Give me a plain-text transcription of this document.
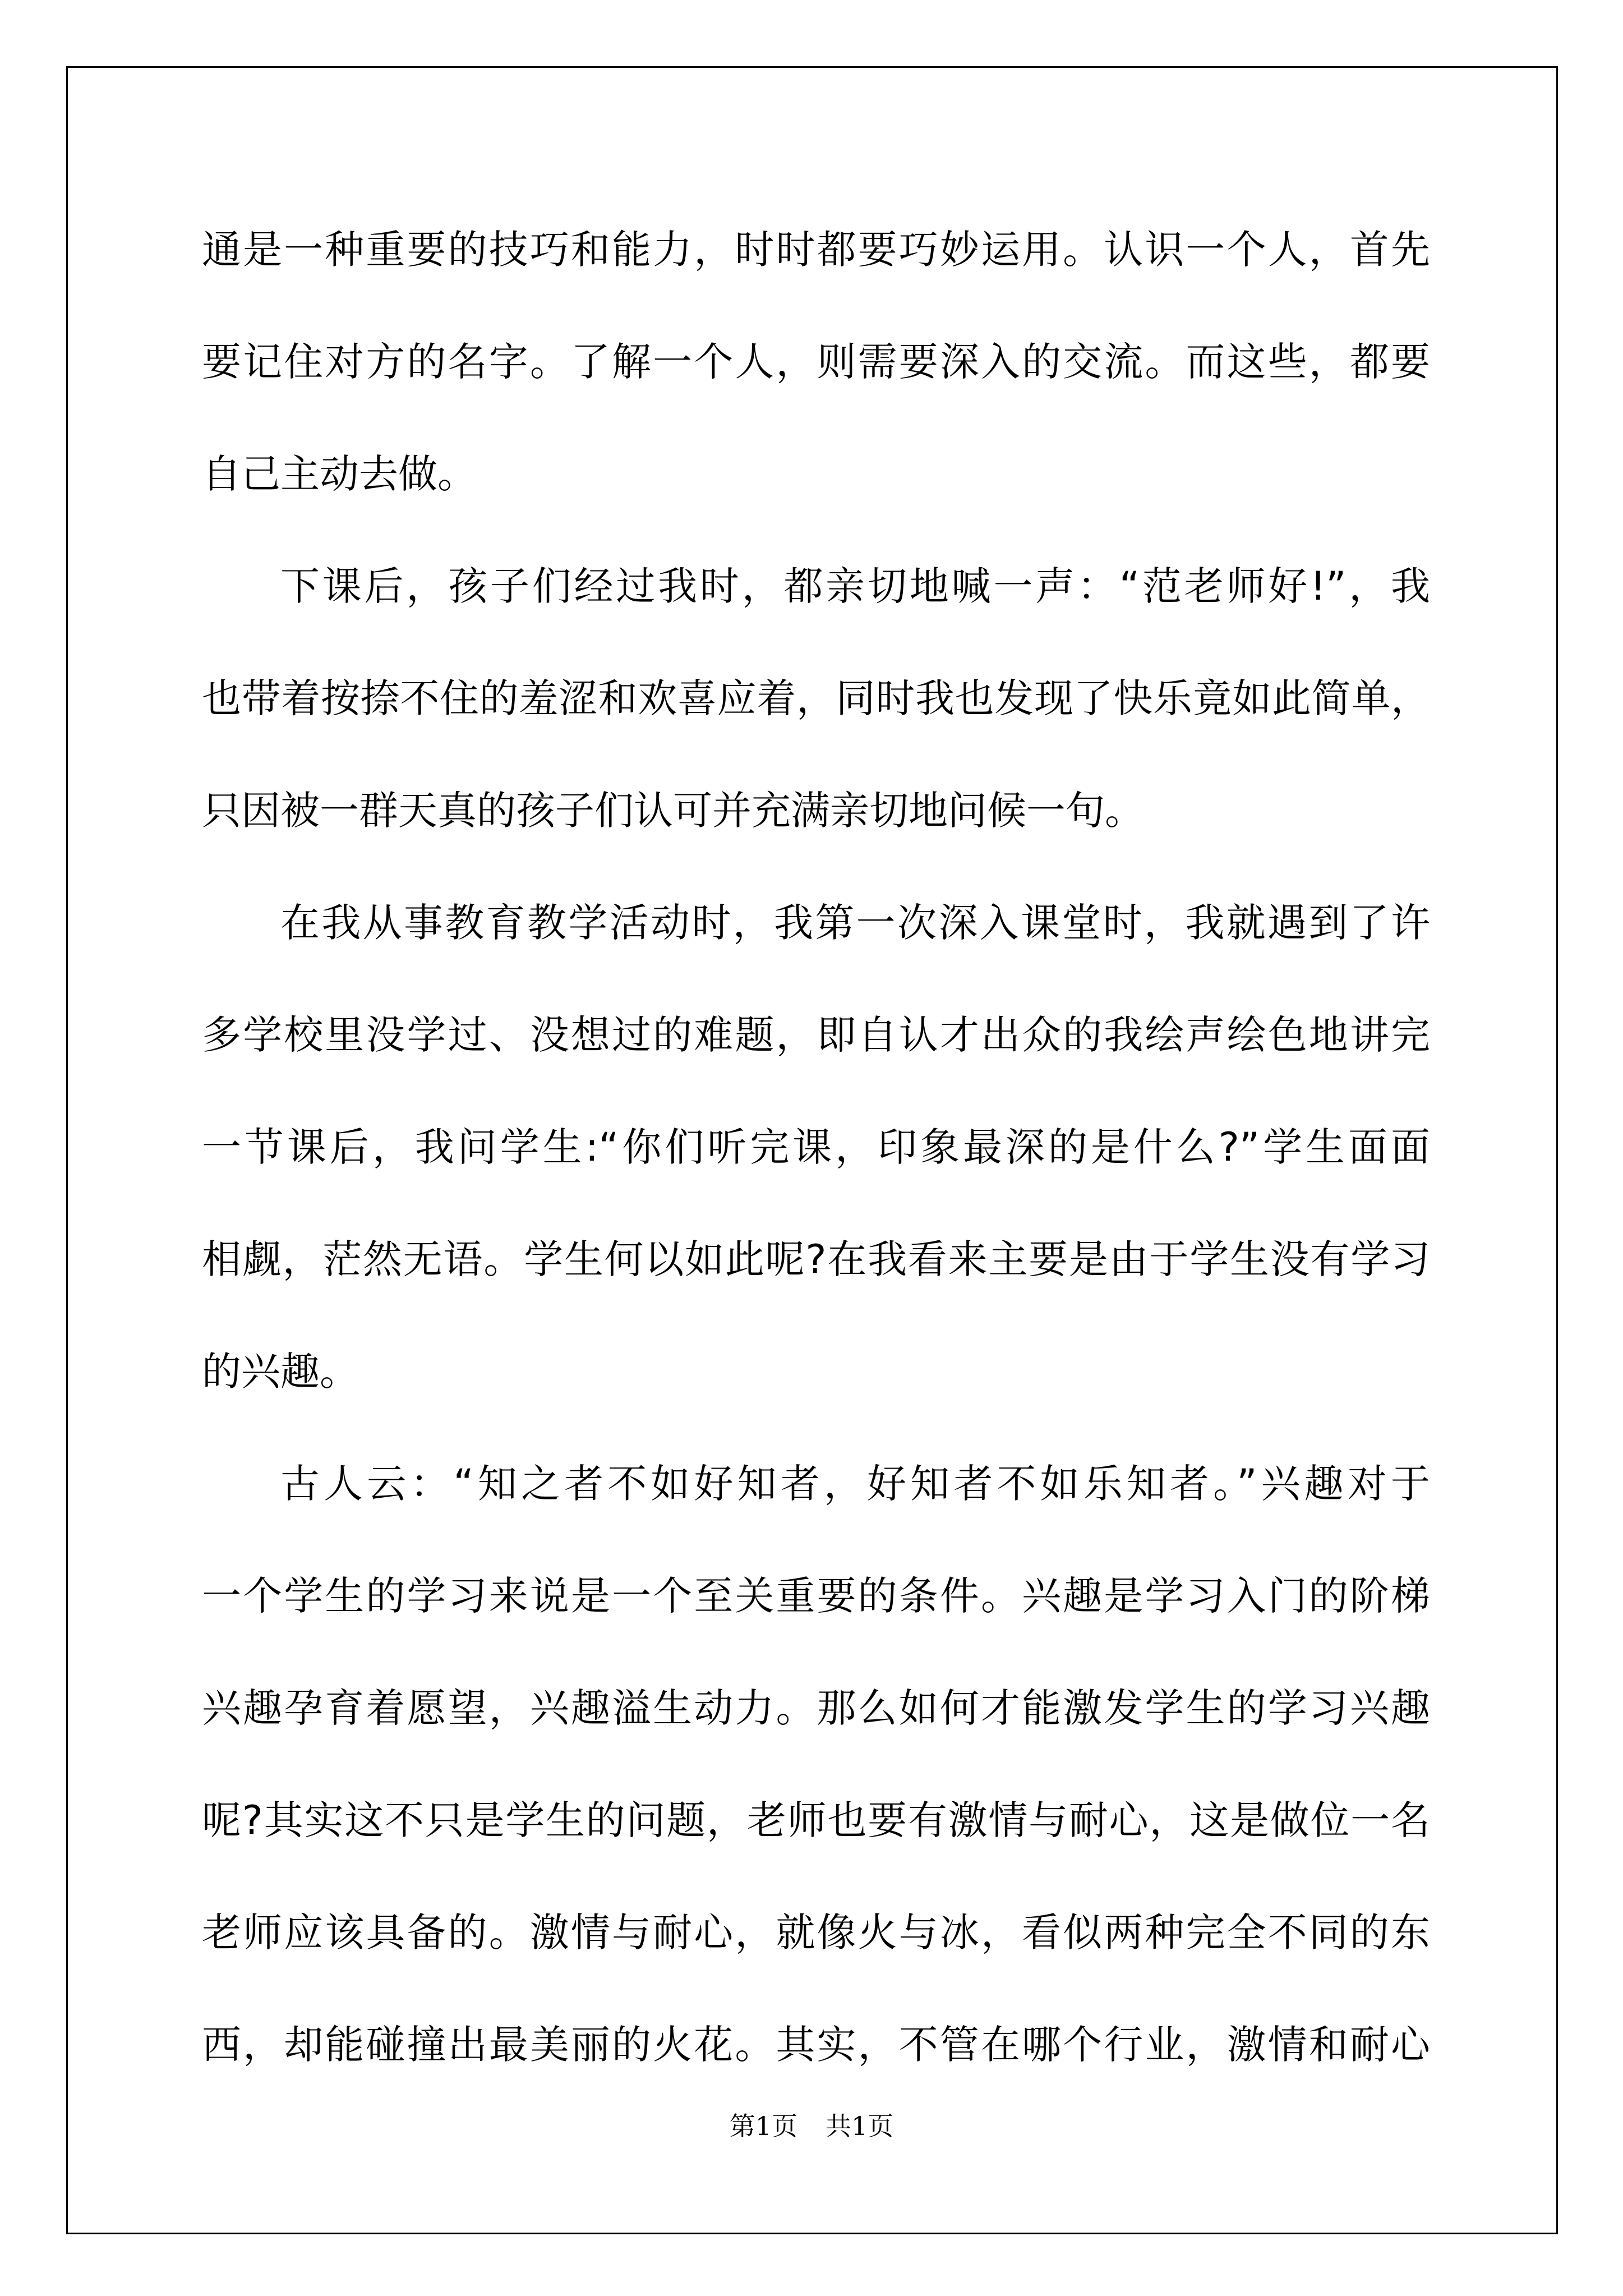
通是一种重要的技巧和能力，时时都要巧妙运用。认识一个人，首先
要记住对方的名字。了解一个人，则需要深入的交流。而这些，都要
自己主动去做。
下课后，孩子们经过我时，都亲切地喊一声：“范老师好!”，我
也带着按捺不住的羞涩和欢喜应着，同时我也发现了快乐竟如此简单，
只因被一群天真的孩子们认可并充满亲切地问候一句。
在我从事教育教学活动时，我第一次深入课堂时，我就遇到了许
多学校里没学过、没想过的难题，即自认才出众的我绘声绘色地讲完
一节课后，我问学生:“你们听完课，印象最深的是什么?”学生面面
相觑，茫然无语。学生何以如此呢?在我看来主要是由于学生没有学习
的兴趣。
古人云：“知之者不如好知者，好知者不如乐知者。”兴趣对于
一个学生的学习来说是一个至关重要的条件。兴趣是学习入门的阶梯
兴趣孕育着愿望，兴趣溢生动力。那么如何才能激发学生的学习兴趣
呢?其实这不只是学生的问题，老师也要有激情与耐心，这是做位一名
老师应该具备的。激情与耐心，就像火与冰，看似两种完全不同的东
西，却能碰撞出最美丽的火花。其实，不管在哪个行业，激情和耐心
第1页 共1页
